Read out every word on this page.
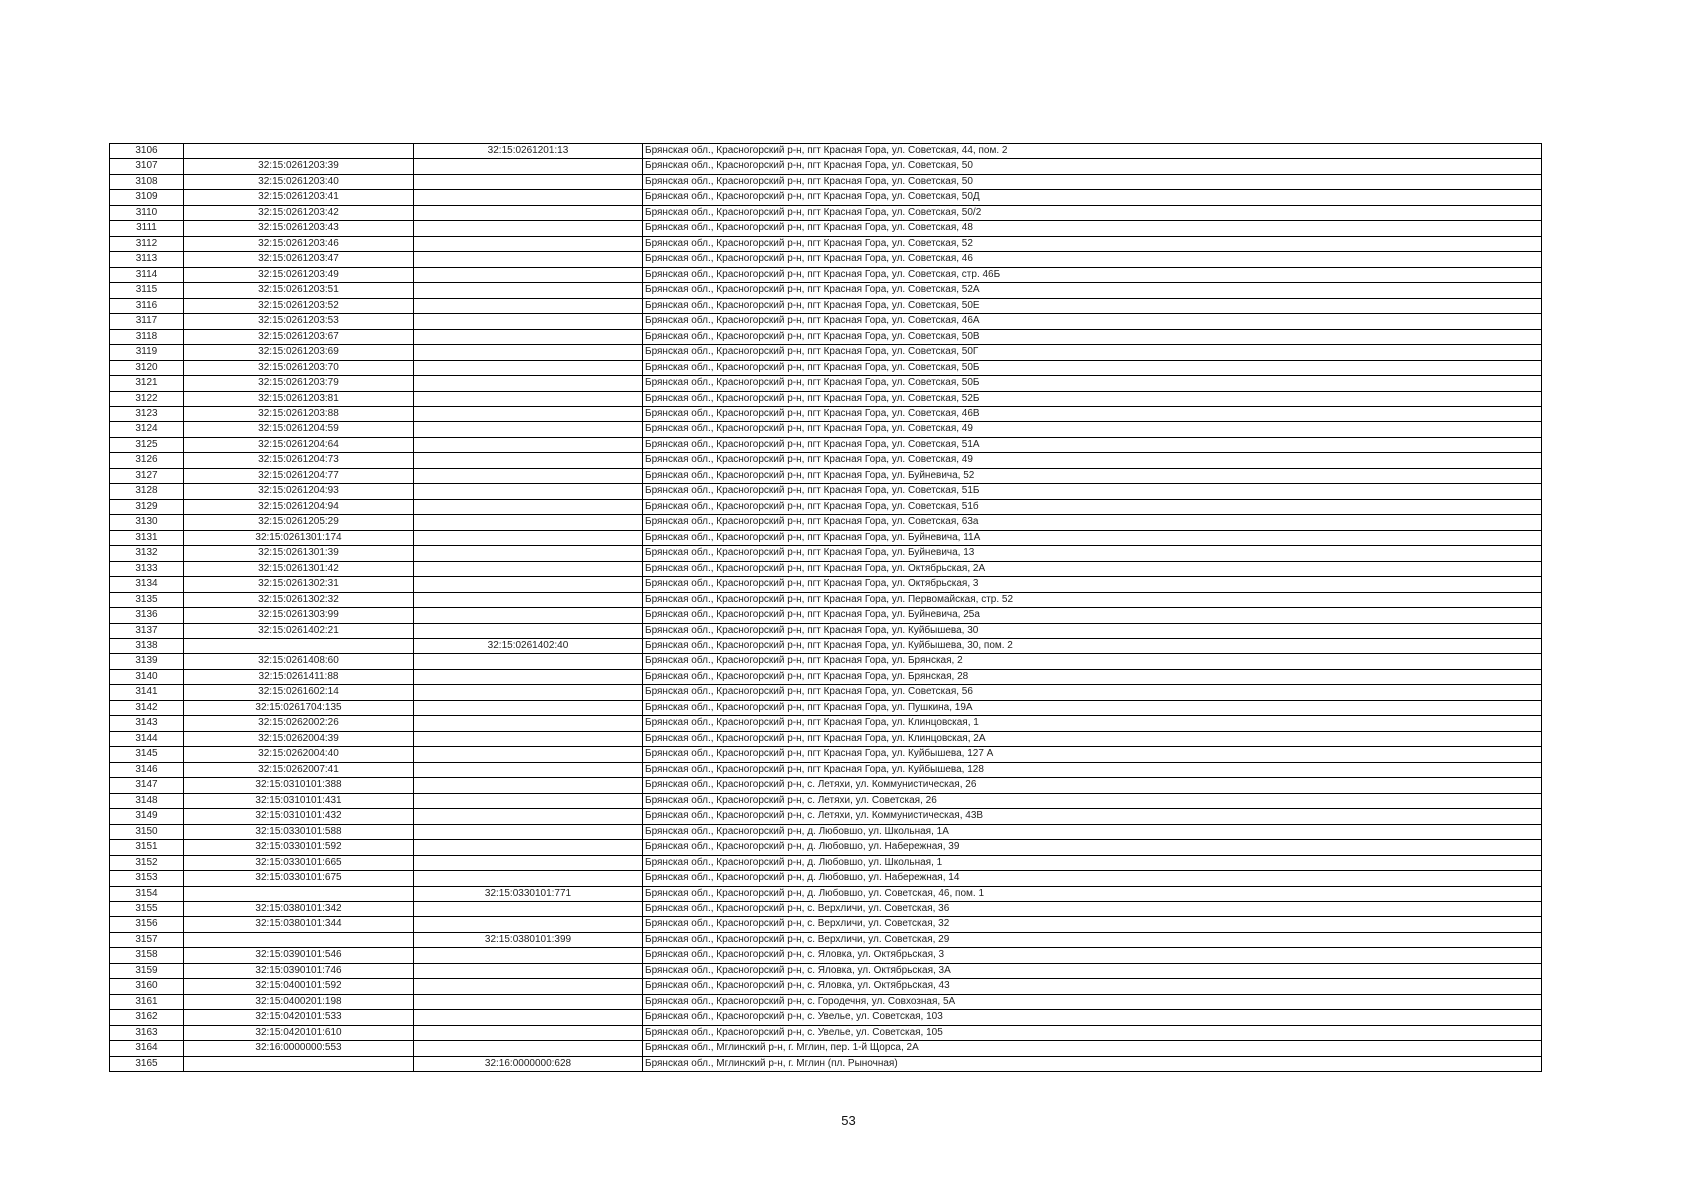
3106		32:15:0261201:13	Брянская обл., Красногорский р-н, пгт Красная Гора, ул. Советская, 44, пом. 2
3107	32:15:0261203:39		Брянская обл., Красногорский р-н, пгт Красная Гора, ул. Советская, 50
3108	32:15:0261203:40		Брянская обл., Красногорский р-н, пгт Красная Гора, ул. Советская, 50
3109	32:15:0261203:41		Брянская обл., Красногорский р-н, пгт Красная Гора, ул. Советская, 50Д
3110	32:15:0261203:42		Брянская обл., Красногорский р-н, пгт Красная Гора, ул. Советская, 50/2
3111	32:15:0261203:43		Брянская обл., Красногорский р-н, пгт Красная Гора, ул. Советская, 48
3112	32:15:0261203:46		Брянская обл., Красногорский р-н, пгт Красная Гора, ул. Советская, 52
3113	32:15:0261203:47		Брянская обл., Красногорский р-н, пгт Красная Гора, ул. Советская, 46
3114	32:15:0261203:49		Брянская обл., Красногорский р-н, пгт Красная Гора, ул. Советская, стр. 46Б
3115	32:15:0261203:51		Брянская обл., Красногорский р-н, пгт Красная Гора, ул. Советская, 52А
3116	32:15:0261203:52		Брянская обл., Красногорский р-н, пгт Красная Гора, ул. Советская, 50Е
3117	32:15:0261203:53		Брянская обл., Красногорский р-н, пгт Красная Гора, ул. Советская, 46А
3118	32:15:0261203:67		Брянская обл., Красногорский р-н, пгт Красная Гора, ул. Советская, 50В
3119	32:15:0261203:69		Брянская обл., Красногорский р-н, пгт Красная Гора, ул. Советская, 50Г
3120	32:15:0261203:70		Брянская обл., Красногорский р-н, пгт Красная Гора, ул. Советская, 50Б
3121	32:15:0261203:79		Брянская обл., Красногорский р-н, пгт Красная Гора, ул. Советская, 50Б
3122	32:15:0261203:81		Брянская обл., Красногорский р-н, пгт Красная Гора, ул. Советская, 52Б
3123	32:15:0261203:88		Брянская обл., Красногорский р-н, пгт Красная Гора, ул. Советская, 46В
3124	32:15:0261204:59		Брянская обл., Красногорский р-н, пгт Красная Гора, ул. Советская, 49
3125	32:15:0261204:64		Брянская обл., Красногорский р-н, пгт Красная Гора, ул. Советская, 51А
3126	32:15:0261204:73		Брянская обл., Красногорский р-н, пгт Красная Гора, ул. Советская, 49
3127	32:15:0261204:77		Брянская обл., Красногорский р-н, пгт Красная Гора, ул. Буйневича, 52
3128	32:15:0261204:93		Брянская обл., Красногорский р-н, пгт Красная Гора, ул. Советская, 51Б
3129	32:15:0261204:94		Брянская обл., Красногорский р-н, пгт Красная Гора, ул. Советская, 51б
3130	32:15:0261205:29		Брянская обл., Красногорский р-н, пгт Красная Гора, ул. Советская, 63а
3131	32:15:0261301:174		Брянская обл., Красногорский р-н, пгт Красная Гора, ул. Буйневича, 11А
3132	32:15:0261301:39		Брянская обл., Красногорский р-н, пгт Красная Гора, ул. Буйневича, 13
3133	32:15:0261301:42		Брянская обл., Красногорский р-н, пгт Красная Гора, ул. Октябрьская, 2А
3134	32:15:0261302:31		Брянская обл., Красногорский р-н, пгт Красная Гора, ул. Октябрьская, 3
3135	32:15:0261302:32		Брянская обл., Красногорский р-н, пгт Красная Гора, ул. Первомайская, стр. 52
3136	32:15:0261303:99		Брянская обл., Красногорский р-н, пгт Красная Гора, ул. Буйневича, 25а
3137	32:15:0261402:21		Брянская обл., Красногорский р-н, пгт Красная Гора, ул. Куйбышева, 30
3138		32:15:0261402:40	Брянская обл., Красногорский р-н, пгт Красная Гора, ул. Куйбышева, 30, пом. 2
3139	32:15:0261408:60		Брянская обл., Красногорский р-н, пгт Красная Гора, ул. Брянская, 2
3140	32:15:0261411:88		Брянская обл., Красногорский р-н, пгт Красная Гора, ул. Брянская, 28
3141	32:15:0261602:14		Брянская обл., Красногорский р-н, пгт Красная Гора, ул. Советская, 56
3142	32:15:0261704:135		Брянская обл., Красногорский р-н, пгт Красная Гора, ул. Пушкина, 19А
3143	32:15:0262002:26		Брянская обл., Красногорский р-н, пгт Красная Гора, ул. Клинцовская, 1
3144	32:15:0262004:39		Брянская обл., Красногорский р-н, пгт Красная Гора, ул. Клинцовская, 2А
3145	32:15:0262004:40		Брянская обл., Красногорский р-н, пгт Красная Гора, ул. Куйбышева, 127 А
3146	32:15:0262007:41		Брянская обл., Красногорский р-н, пгт Красная Гора, ул. Куйбышева, 128
3147	32:15:0310101:388		Брянская обл., Красногорский р-н, с. Летяхи, ул. Коммунистическая, 26
3148	32:15:0310101:431		Брянская обл., Красногорский р-н, с. Летяхи, ул. Советская, 26
3149	32:15:0310101:432		Брянская обл., Красногорский р-н, с. Летяхи, ул. Коммунистическая, 43В
3150	32:15:0330101:588		Брянская обл., Красногорский р-н, д. Любовшо, ул. Школьная, 1А
3151	32:15:0330101:592		Брянская обл., Красногорский р-н, д. Любовшо, ул. Набережная, 39
3152	32:15:0330101:665		Брянская обл., Красногорский р-н, д. Любовшо, ул. Школьная, 1
3153	32:15:0330101:675		Брянская обл., Красногорский р-н, д. Любовшо, ул. Набережная, 14
3154		32:15:0330101:771	Брянская обл., Красногорский р-н, д. Любовшо, ул. Советская, 46, пом. 1
3155	32:15:0380101:342		Брянская обл., Красногорский р-н, с. Верхличи, ул. Советская, 36
3156	32:15:0380101:344		Брянская обл., Красногорский р-н, с. Верхличи, ул. Советская, 32
3157		32:15:0380101:399	Брянская обл., Красногорский р-н, с. Верхличи, ул. Советская, 29
3158	32:15:0390101:546		Брянская обл., Красногорский р-н, с. Яловка, ул. Октябрьская, 3
3159	32:15:0390101:746		Брянская обл., Красногорский р-н, с. Яловка, ул. Октябрьская, 3А
3160	32:15:0400101:592		Брянская обл., Красногорский р-н, с. Яловка, ул. Октябрьская, 43
3161	32:15:0400201:198		Брянская обл., Красногорский р-н, с. Городечня, ул. Совхозная, 5А
3162	32:15:0420101:533		Брянская обл., Красногорский р-н, с. Увелье, ул. Советская, 103
3163	32:15:0420101:610		Брянская обл., Красногорский р-н, с. Увелье, ул. Советская, 105
3164	32:16:0000000:553		Брянская обл., Мглинский р-н, г. Мглин, пер. 1-й Щорса, 2А
3165		32:16:0000000:628	Брянская обл., Мглинский р-н, г. Мглин (пл. Рыночная)
53
